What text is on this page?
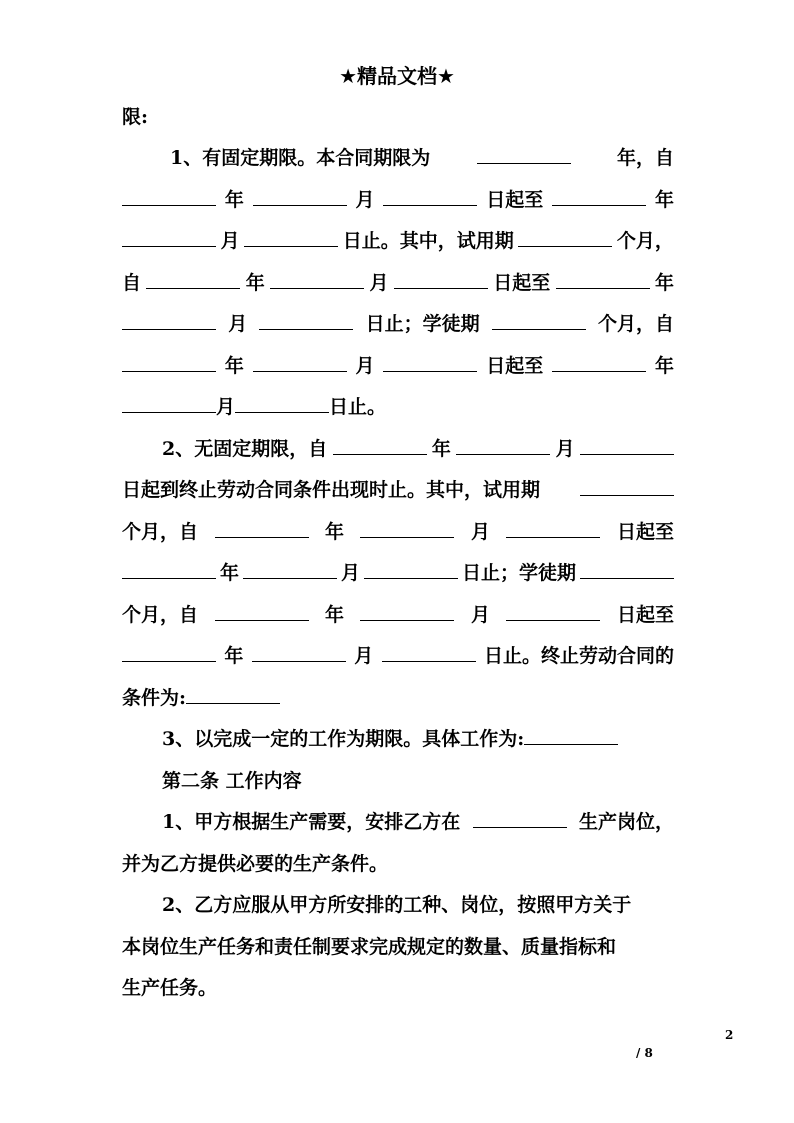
★精品文档★
限:
1、有固定期限。本合同期限为	年，自
年	月	日起至	年
月	日止。其中，试用期	个月，
自	年	月	日起至	年
月	日止；学徒期	个月，自
年	月	日起至	年
月	日止。
2、无固定期限，自	年	月
日起到终止劳动合同条件出现时止。其中，试用期
个月，自	年	月	日起至
年	月	日止；学徒期
个月，自	年	月	日起至
年	月	日止。终止劳动合同的
条件为:
3、以完成一定的工作为期限。具体工作为:
第二条 工作内容
1、甲方根据生产需要，安排乙方在	生产岗位，
并为乙方提供必要的生产条件。
2、乙方应服从甲方所安排的工种、岗位，按照甲方关于
本岗位生产任务和责任制要求完成规定的数量、质量指标和
生产任务。
2
/ 8
